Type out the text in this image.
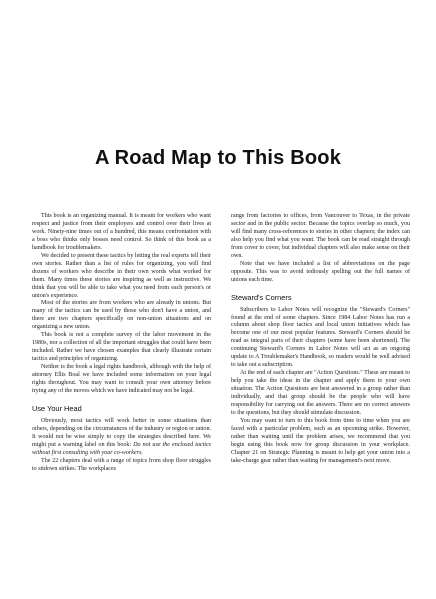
A Road Map to This Book

This book is an organizing manual. It is meant for workers who want respect and justice from their employers and control over their lives at work. Ninety-nine times out of a hundred, this means confrontation with a boss who thinks only bosses need control. So think of this book as a handbook for troublemakers.

We decided to present these tactics by letting the real experts tell their own stories. Rather than a list of rules for organizing, you will find dozens of workers who describe in their own words what worked for them. Many times these stories are inspiring as well as instructive. We think that you will be able to take what you need from each person's or union's experience.

Most of the stories are from workers who are already in unions. But many of the tactics can be used by those who don't have a union, and there are two chapters specifically on non-union situations and on organizing a new union.

This book is not a complete survey of the labor movement in the 1980s, nor a collection of all the important struggles that could have been included. Rather we have chosen examples that clearly illustrate certain tactics and principles of organizing.

Neither is the book a legal rights handbook, although with the help of attorney Ellis Boal we have included some information on your legal rights throughout. You may want to consult your own attorney before trying any of the moves which we have indicated may not be legal.

Use Your Head

Obviously, most tactics will work better in some situations than others, depending on the circumstances of the industry or region or union. It would not be wise simply to copy the strategies described here. We might put a warning label on this book: Do not use the enclosed tactics without first consulting with your co-workers.

The 22 chapters deal with a range of topics from shop floor struggles to sitdown strikes. The workplaces

range from factories to offices, from Vancouver to Texas, in the private sector and in the public sector. Because the topics overlap so much, you will find many cross-references to stories in other chapters; the index can also help you find what you want. The book can be read straight through from cover to cover, but individual chapters will also make sense on their own.

Note that we have included a list of abbreviations on the page opposite. This was to avoid tediously spelling out the full names of unions each time.

Steward's Corners

Subscribers to Labor Notes will recognize the "Steward's Corners" found at the end of some chapters. Since 1984 Labor Notes has run a column about shop floor tactics and local union initiatives which has become one of our most popular features. Steward's Corners should be read as integral parts of their chapters (some have been shortened). The continuing Steward's Corners in Labor Notes will act as an ongoing update to A Troublemaker's Handbook, so readers would be well advised to take out a subscription.

At the end of each chapter are "Action Questions." These are meant to help you take the ideas in the chapter and apply them to your own situation. The Action Questions are best answered in a group rather than individually, and that group should be the people who will have responsibility for carrying out the answers. There are no correct answers to the questions, but they should stimulate discussion.

You may want to turn to this book from time to time when you are faced with a particular problem, such as an upcoming strike. However, rather than waiting until the problem arises, we recommend that you begin using this book now for group discussion in your workplace. Chapter 21 on Strategic Planning is meant to help get your union into a take-charge gear rather than waiting for management's next move.
